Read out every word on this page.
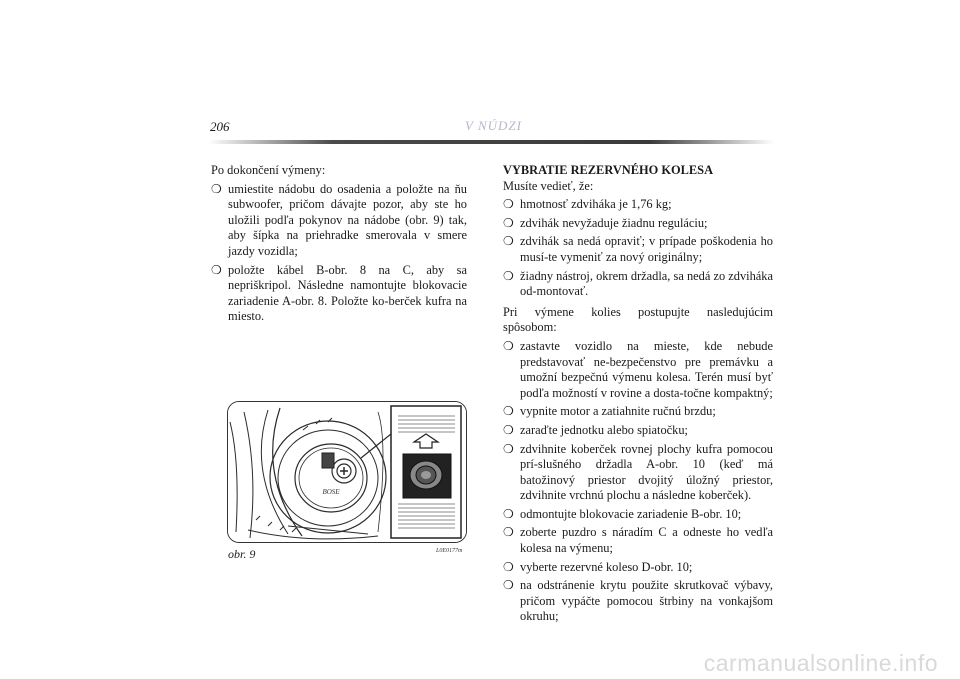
206	V NÚDZI

Po dokončení výmeny:

❍ umiestite nádobu do osadenia a položte na ňu subwoofer, pričom dávajte pozor, aby ste ho uložili podľa pokynov na nádobe (obr. 9) tak, aby šípka na priehradke smerovala v smere jazdy vozidla;
❍ položte kábel B-obr. 8 na C, aby sa nepriškripol. Následne namontujte blokovacie zariadenie A-obr. 8. Položte ko-berček kufra na miesto.

VYBRATIE REZERVNÉHO KOLESA

Musíte vedieť, že:

❍ hmotnosť zdviháka je 1,76 kg;
❍ zdvihák nevyžaduje žiadnu reguláciu;
❍ zdvihák sa nedá opraviť; v prípade poškodenia ho musí-te vymeniť za nový originálny;
❍ žiadny nástroj, okrem držadla, sa nedá zo zdviháka od-montovať.

Pri výmene kolies postupujte nasledujúcim spôsobom:

❍ zastavte vozidlo na mieste, kde nebude predstavovať ne-bezpečenstvo pre premávku a umožní bezpečnú výmenu kolesa. Terén musí byť podľa možností v rovine a dosta-točne kompaktný;
❍ vypnite motor a zatiahnite ručnú brzdu;
❍ zaraďte jednotku alebo spiatočku;
❍ zdvihnite koberček rovnej plochy kufra pomocou prí-slušného držadla A-obr. 10 (keď má batožinový priestor dvojitý úložný priestor, zdvihnite vrchnú plochu a následne koberček).
❍ odmontujte blokovacie zariadenie B-obr. 10;
❍ zoberte puzdro s náradím C a odneste ho vedľa kolesa na výmenu;
❍ vyberte rezervné koleso D-obr. 10;
❍ na odstránenie krytu použite skrutkovač výbavy, pričom vypáčte pomocou štrbiny na vonkajšom okruhu;
BOSE
obr. 9	L0E0177m
carmanualsonline.info
